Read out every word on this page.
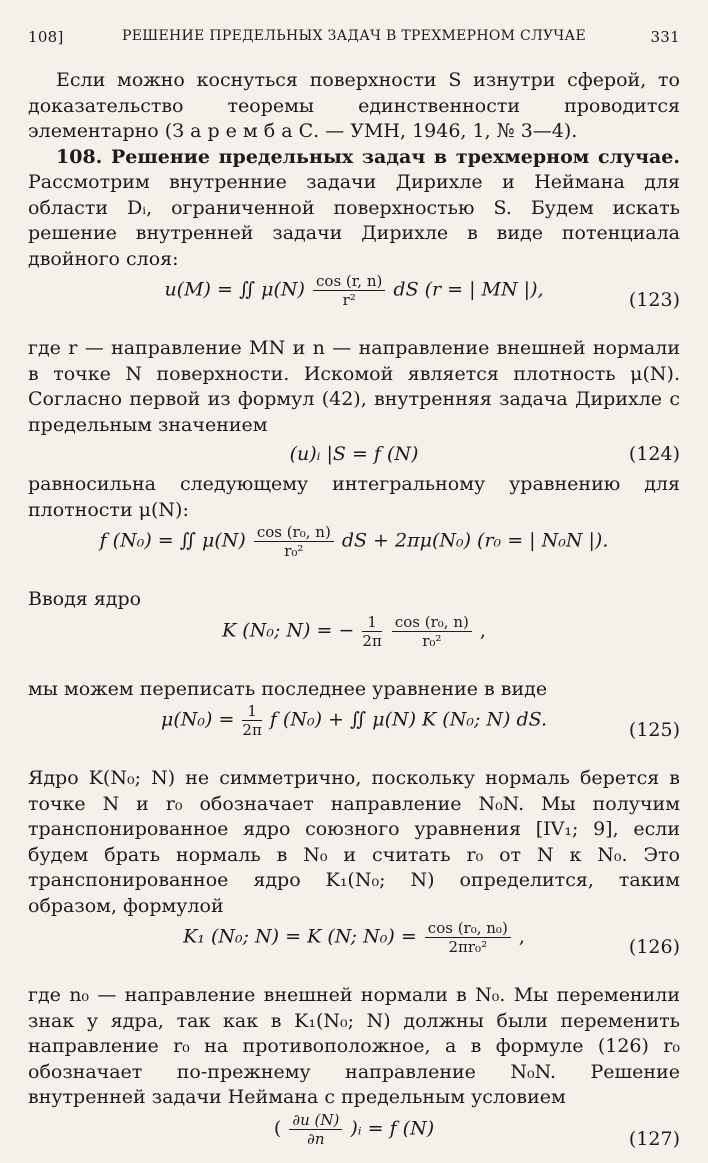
108]	РЕШЕНИЕ ПРЕДЕЛЬНЫХ ЗАДАЧ В ТРЕХМЕРНОМ СЛУЧАЕ	331

Если можно коснуться поверхности S изнутри сферой, то доказательство теоремы единственности проводится элементарно (З а р е м б а С. — УМН, 1946, 1, № 3—4).

108. Решение предельных задач в трехмерном случае. Рассмотрим внутренние задачи Дирихле и Неймана для области Dᵢ, ограниченной поверхностью S. Будем искать решение внутренней задачи Дирихле в виде потенциала двойного слоя:

u(M) = ∬ $\mu(N) \frac{\cos (r, n)}{\text{r²}}$ dS (r = | MN |),	(123)

где r — направление MN и n — направление внешней нормали в точке N поверхности. Искомой является плотность μ(N). Согласно первой из формул (42), внутренняя задача Дирихле с предельным значением

(u)ᵢ |S = f (N)	(124)

равносильна следующему интегральному уравнению для плотности μ(N):

f (N₀) = ∬ $\mu(N) \frac{\text{cos (r₀, n)}}{\text{r₀²}}$ dS + 2πμ(N₀) (r₀ = | N₀N |).

Вводя ядро

K (N₀; N) = − $\frac{1}{2\pi}$
$\frac{\text{cos (r₀, n)}}{\text{r₀²}}$ ,

мы можем переписать последнее уравнение в виде

$\mu(N_0) = \frac{1}{2\pi}$ f (N₀) + ∬ μ(N) K (N₀; N) dS.	(125)

Ядро K(N₀; N) не симметрично, поскольку нормаль берется в точке N и r₀ обозначает направление N₀N. Мы получим транспонированное ядро союзного уравнения [IV₁; 9], если будем брать нормаль в N₀ и считать r₀ от N к N₀. Это транспонированное ядро K₁(N₀; N) определится, таким образом, формулой

K₁ (N₀; N) = K (N; $N_0) = \frac{\text{cos (r₀, n₀)}}{\text{2πr₀²}}$ ,	(126)

где n₀ — направление внешней нормали в N₀. Мы переменили знак у ядра, так как в K₁(N₀; N) должны были переменить направление r₀ на противоположное, а в формуле (126) r₀ обозначает по-прежнему направление N₀N. Решение внутренней задачи Неймана с предельным условием

( $\frac{\partial u (N)}{\partial n}$ )ᵢ = f (N)	(127)
